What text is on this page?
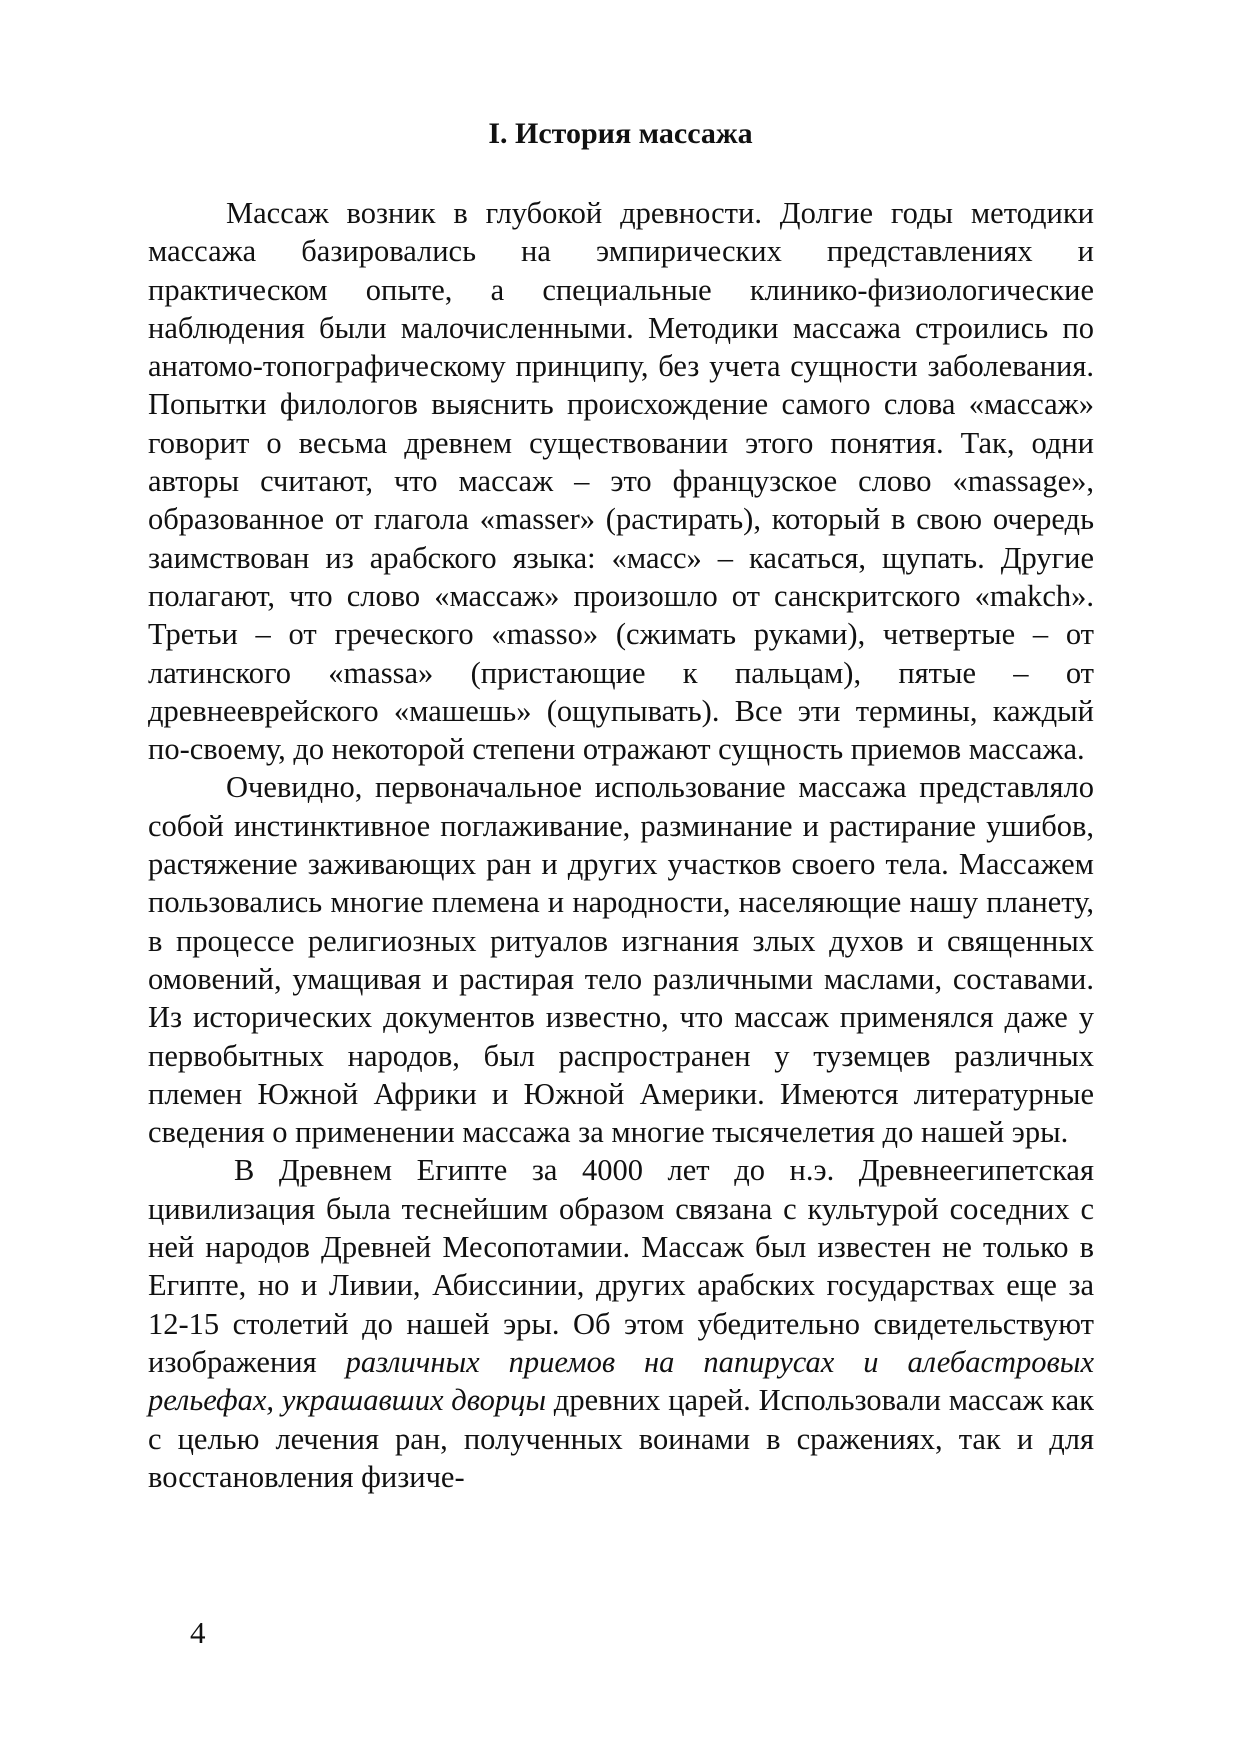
I. История массажа

Массаж возник в глубокой древности. Долгие годы методики массажа базировались на эмпирических представлениях и практическом опыте, а специальные клинико-физиологические наблюдения были малочисленными. Методики массажа строились по анатомо-топографическому принципу, без учета сущности заболевания. Попытки филологов выяснить происхождение самого слова «массаж» говорит о весьма древнем существовании этого понятия. Так, одни авторы считают, что массаж – это французское слово «massage», образованное от глагола «masser» (растирать), который в свою очередь заимствован из арабского языка: «масс» – касаться, щупать. Другие полагают, что слово «массаж» произошло от санскритского «makch». Третьи – от греческого «masso» (сжимать руками), четвертые – от латинского «massa» (пристающие к пальцам), пятые – от древнееврейского «машешь» (ощупывать). Все эти термины, каждый по-своему, до некоторой степени отражают сущность приемов массажа.

Очевидно, первоначальное использование массажа представляло собой инстинктивное поглаживание, разминание и растирание ушибов, растяжение заживающих ран и других участков своего тела. Массажем пользовались многие племена и народности, населяющие нашу планету, в процессе религиозных ритуалов изгнания злых духов и священных омовений, умащивая и растирая тело различными маслами, составами. Из исторических документов известно, что массаж применялся даже у первобытных народов, был распространен у туземцев различных племен Южной Африки и Южной Америки. Имеются литературные сведения о применении массажа за многие тысячелетия до нашей эры.

В Древнем Египте за 4000 лет до н.э. Древнеегипетская цивилизация была теснейшим образом связана с культурой соседних с ней народов Древней Месопотамии. Массаж был известен не только в Египте, но и Ливии, Абиссинии, других арабских государствах еще за 12-15 столетий до нашей эры. Об этом убедительно свидетельствуют изображения различных приемов на папирусах и алебастровых рельефах, украшавших дворцы древних царей. Использовали массаж как с целью лечения ран, полученных воинами в сражениях, так и для восстановления физиче-

4
